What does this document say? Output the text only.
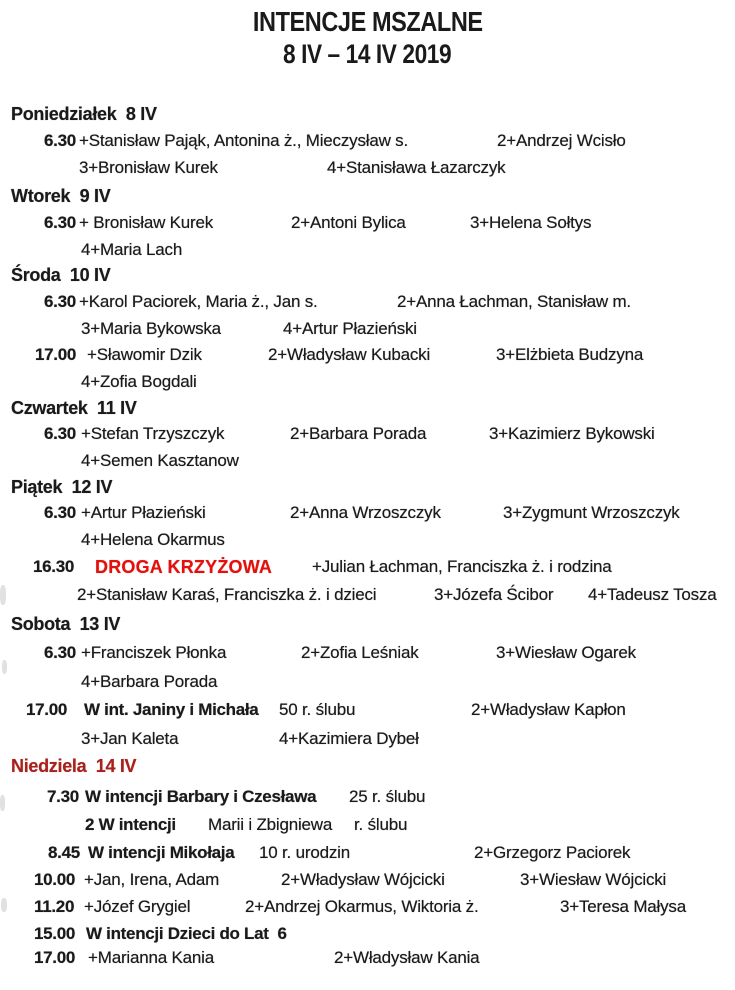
INTENCJE MSZALNE
8 IV – 14 IV 2019
Poniedziałek  8 IV
6.30 +Stanisław Pająk, Antonina ż., Mieczysław s.	2+Andrzej Wcisło
3+Bronisław Kurek	4+Stanisława Łazarczyk
Wtorek  9 IV
6.30 + Bronisław Kurek	2+Antoni Bylica	3+Helena Sołtys
4+Maria Lach
Środa  10 IV
6.30 +Karol Paciorek, Maria ż., Jan s.	2+Anna Łachman, Stanisław m.
3+Maria Bykowska	4+Artur Płazieński
17.00 +Sławomir Dzik	2+Władysław Kubacki	3+Elżbieta Budzyna
4+Zofia Bogdali
Czwartek  11 IV
6.30 +Stefan Trzyszczyk	2+Barbara Porada	3+Kazimierz Bykowski
4+Semen Kasztanow
Piątek  12 IV
6.30 +Artur Płazieński	2+Anna Wrzoszczyk	3+Zygmunt Wrzoszczyk
4+Helena Okarmus
16.30 DROGA KRZYŻOWA +Julian Łachman, Franciszka ż. i rodzina
2+Stanisław Karaś, Franciszka ż. i dzieci	3+Józefa Ścibor 4+Tadeusz Tosza
Sobota  13 IV
6.30 +Franciszek Płonka	2+Zofia Leśniak	3+Wiesław Ogarek
4+Barbara Porada
17.00 W int. Janiny i Michała 50 r. ślubu	2+Władysław Kapłon
3+Jan Kaleta	4+Kazimiera Dybeł
Niedziela  14 IV
7.30 W intencji Barbary i Czesława 25 r. ślubu
2 W intencji Marii i Zbigniewa r. ślubu
8.45 W intencji Mikołaja 10 r. urodzin	2+Grzegorz Paciorek
10.00 +Jan, Irena, Adam	2+Władysław Wójcicki	3+Wiesław Wójcicki
11.20 +Józef Grygiel	2+Andrzej Okarmus, Wiktoria ż.	3+Teresa Małysa
15.00 W intencji Dzieci do Lat  6
17.00 +Marianna Kania	2+Władysław Kania
